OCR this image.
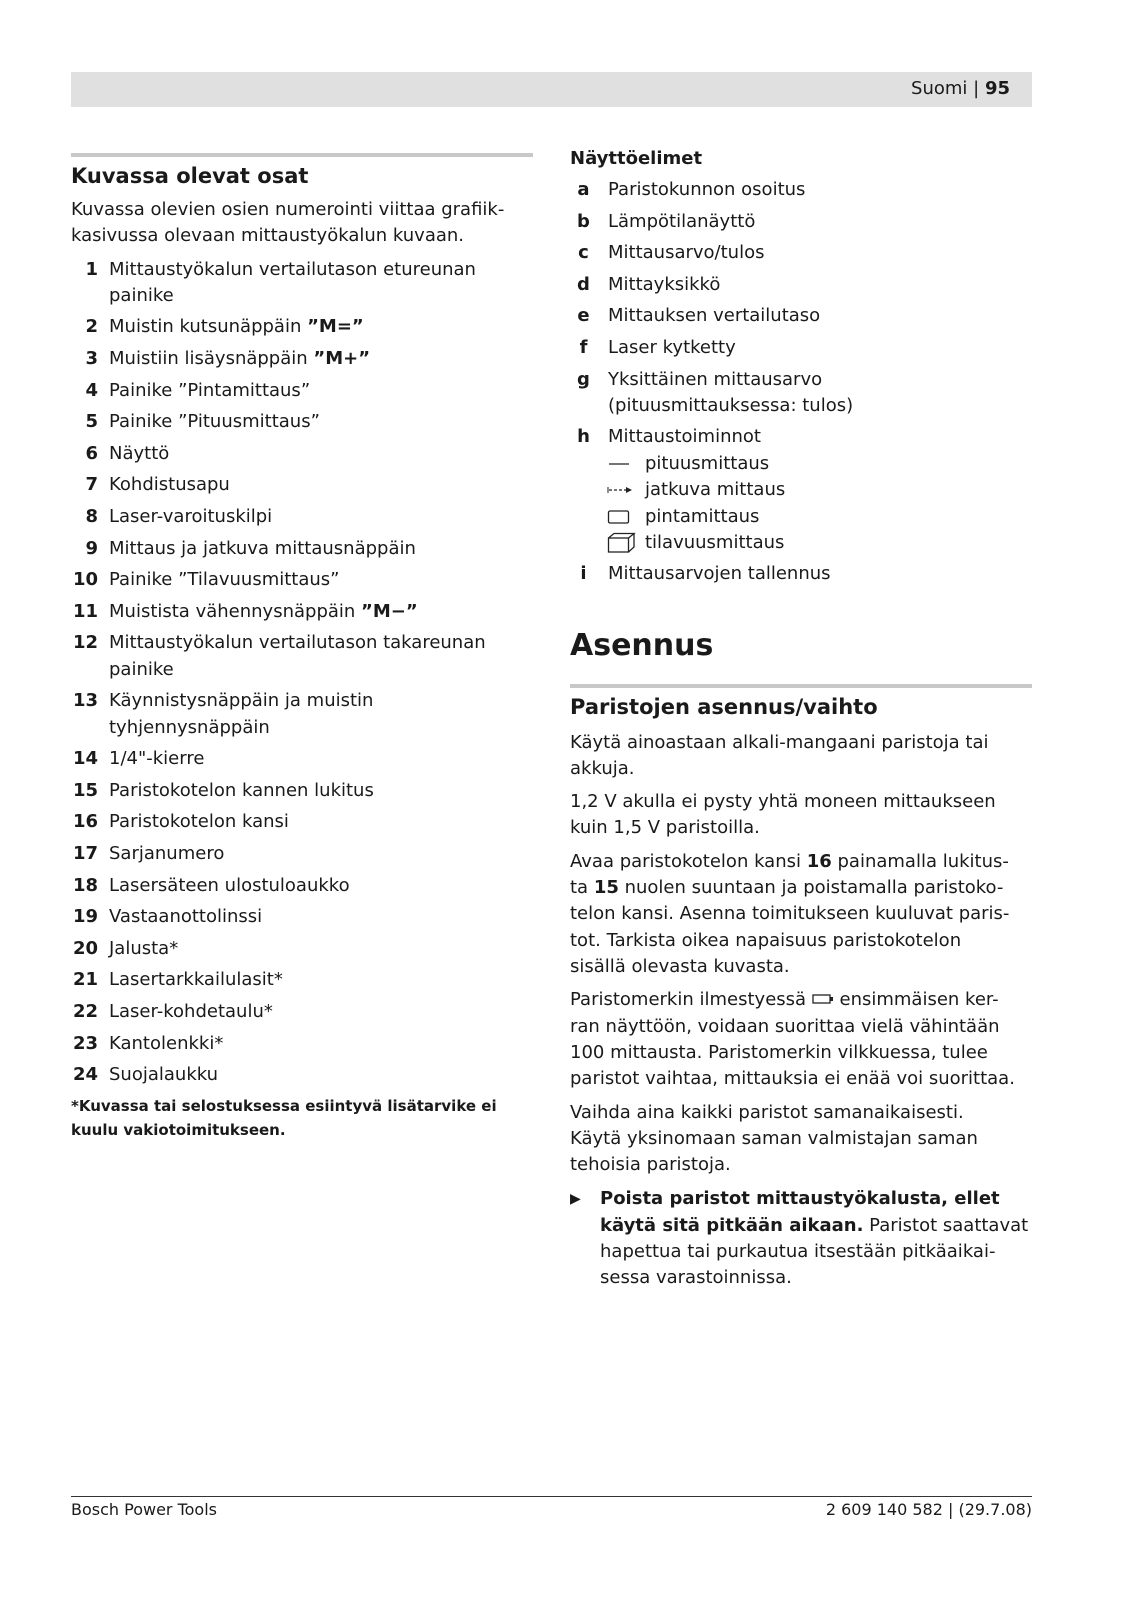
Suomi | 95
Kuvassa olevat osat
Kuvassa olevien osien numerointi viittaa grafiik-
kasivussa olevaan mittaustyökalun kuvaan.
1 Mittaustyökalun vertailutason etureunan
painike
2 Muistin kutsunäppäin ”M=”
3 Muistiin lisäysnäppäin ”M+”
4 Painike ”Pintamittaus”
5 Painike ”Pituusmittaus”
6 Näyttö
7 Kohdistusapu
8 Laser-varoituskilpi
9 Mittaus ja jatkuva mittausnäppäin
10 Painike ”Tilavuusmittaus”
11 Muistista vähennysnäppäin ”M−”
12 Mittaustyökalun vertailutason takareunan
painike
13 Käynnistysnäppäin ja muistin
tyhjennysnäppäin
14 1/4"-kierre
15 Paristokotelon kannen lukitus
16 Paristokotelon kansi
17 Sarjanumero
18 Lasersäteen ulostuloaukko
19 Vastaanottolinssi
20 Jalusta*
21 Lasertarkkailulasit*
22 Laser-kohdetaulu*
23 Kantolenkki*
24 Suojalaukku
*Kuvassa tai selostuksessa esiintyvä lisätarvike ei
kuulu vakiotoimitukseen.
Näyttöelimet
a	Paristokunnon osoitus
b	Lämpötilanäyttö
c	Mittausarvo/tulos
d	Mittayksikkö
e	Mittauksen vertailutaso
f	Laser kytketty
g	Yksittäinen mittausarvo
(pituusmittauksessa: tulos)
h	Mittaustoiminnot
pituusmittaus
jatkuva mittaus
pintamittaus
tilavuusmittaus
i	Mittausarvojen tallennus
Asennus
Paristojen asennus/vaihto
Käytä ainoastaan alkali-mangaani paristoja tai
akkuja.
1,2 V akulla ei pysty yhtä moneen mittaukseen
kuin 1,5 V paristoilla.
Avaa paristokotelon kansi 16 painamalla lukitus-
ta 15 nuolen suuntaan ja poistamalla paristoko-
telon kansi. Asenna toimitukseen kuuluvat paris-
tot. Tarkista oikea napaisuus paristokotelon
sisällä olevasta kuvasta.
Paristomerkin ilmestyessä  ensimmäisen ker-
ran näyttöön, voidaan suorittaa vielä vähintään
100 mittausta. Paristomerkin vilkkuessa, tulee
paristot vaihtaa, mittauksia ei enää voi suorittaa.
Vaihda aina kaikki paristot samanaikaisesti.
Käytä yksinomaan saman valmistajan saman
tehoisia paristoja.
▶	Poista paristot mittaustyökalusta, ellet
käytä sitä pitkään aikaan. Paristot saattavat
hapettua tai purkautua itsestään pitkäaikai-
sessa varastoinnissa.
Bosch Power Tools	2 609 140 582 | (29.7.08)
